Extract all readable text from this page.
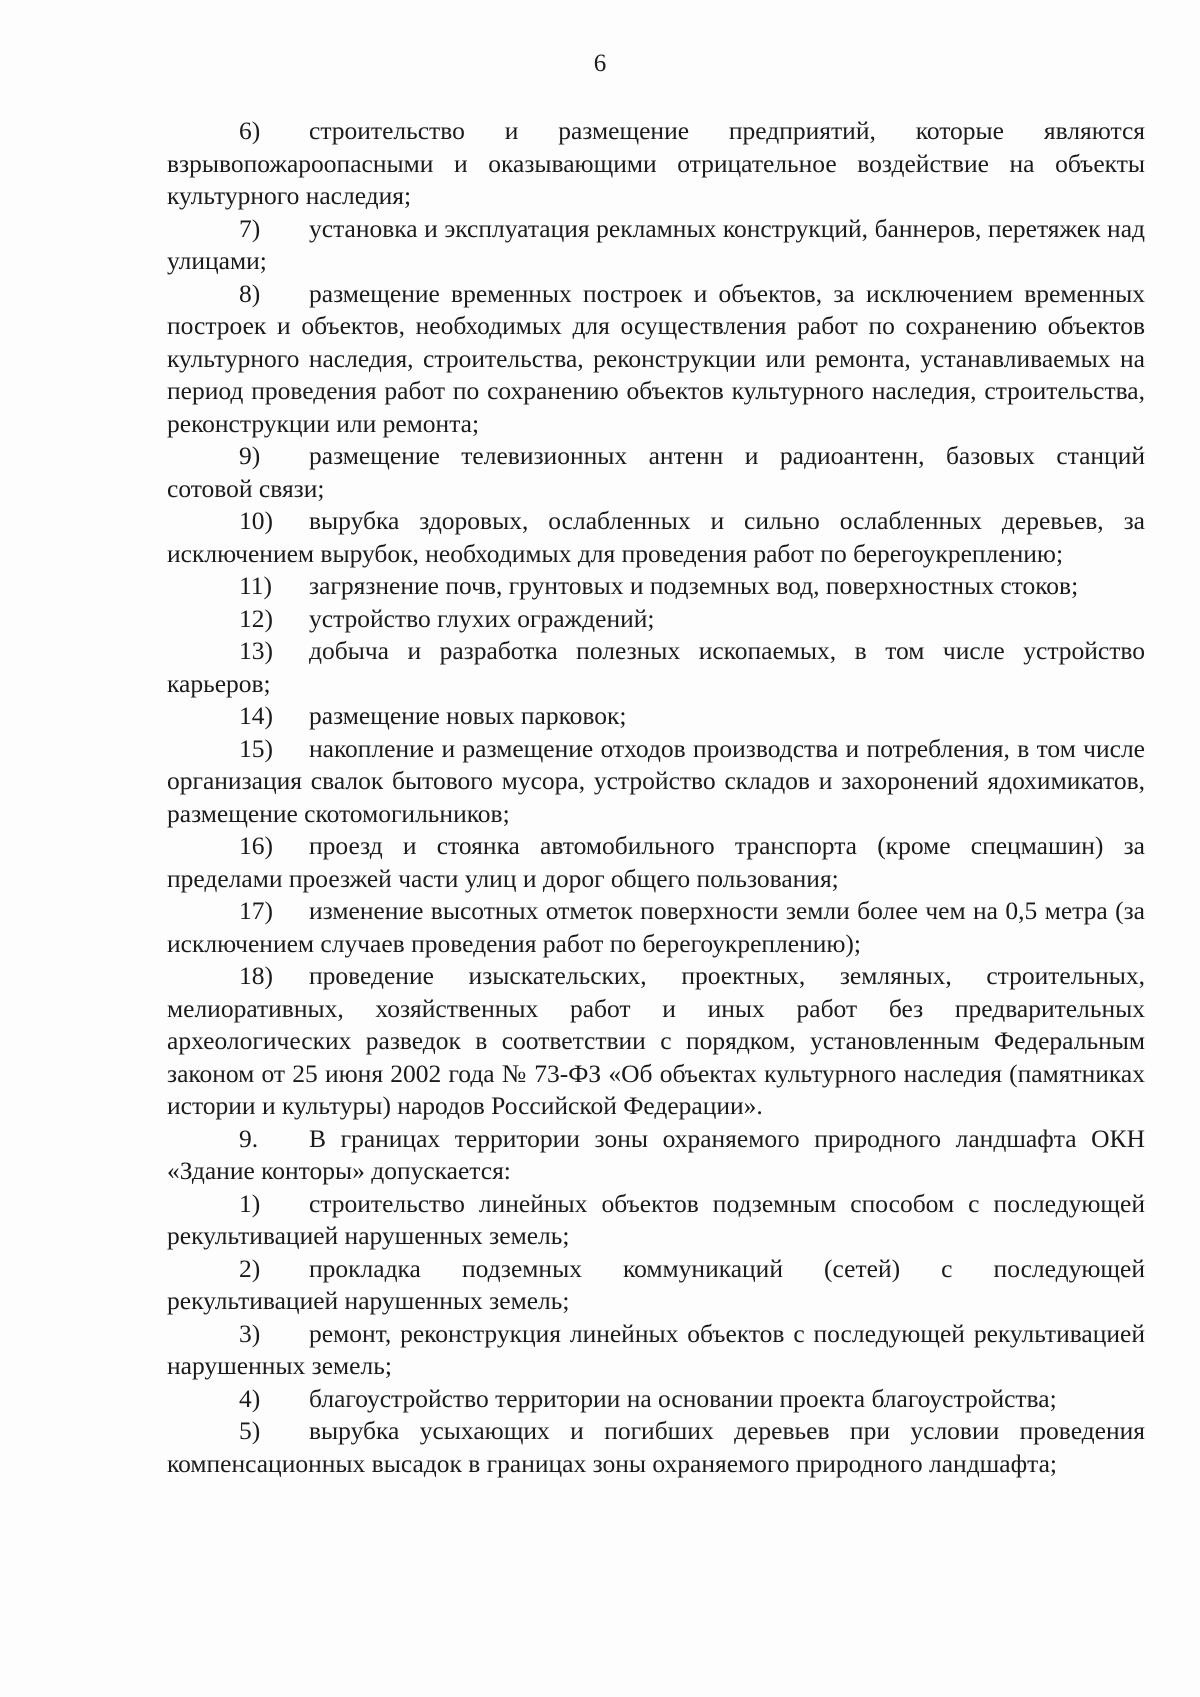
6

6) строительство и размещение предприятий, которые являются взрывопожароопасными и оказывающими отрицательное воздействие на объекты культурного наследия;

7) установка и эксплуатация рекламных конструкций, баннеров, перетяжек над улицами;

8) размещение временных построек и объектов, за исключением временных построек и объектов, необходимых для осуществления работ по сохранению объектов культурного наследия, строительства, реконструкции или ремонта, устанавливаемых на период проведения работ по сохранению объектов культурного наследия, строительства, реконструкции или ремонта;

9) размещение телевизионных антенн и радиоантенн, базовых станций сотовой связи;

10) вырубка здоровых, ослабленных и сильно ослабленных деревьев, за исключением вырубок, необходимых для проведения работ по берегоукреплению;

11) загрязнение почв, грунтовых и подземных вод, поверхностных стоков;

12) устройство глухих ограждений;

13) добыча и разработка полезных ископаемых, в том числе устройство карьеров;

14) размещение новых парковок;

15) накопление и размещение отходов производства и потребления, в том числе организация свалок бытового мусора, устройство складов и захоронений ядохимикатов, размещение скотомогильников;

16) проезд и стоянка автомобильного транспорта (кроме спецмашин) за пределами проезжей части улиц и дорог общего пользования;

17) изменение высотных отметок поверхности земли более чем на 0,5 метра (за исключением случаев проведения работ по берегоукреплению);

18) проведение изыскательских, проектных, земляных, строительных, мелиоративных, хозяйственных работ и иных работ без предварительных археологических разведок в соответствии с порядком, установленным Федеральным законом от 25 июня 2002 года № 73-ФЗ «Об объектах культурного наследия (памятниках истории и культуры) народов Российской Федерации».

9. В границах территории зоны охраняемого природного ландшафта ОКН «Здание конторы» допускается:

1) строительство линейных объектов подземным способом с последующей рекультивацией нарушенных земель;

2) прокладка подземных коммуникаций (сетей) с последующей рекультивацией нарушенных земель;

3) ремонт, реконструкция линейных объектов с последующей рекультивацией нарушенных земель;

4) благоустройство территории на основании проекта благоустройства;

5) вырубка усыхающих и погибших деревьев при условии проведения компенсационных высадок в границах зоны охраняемого природного ландшафта;
